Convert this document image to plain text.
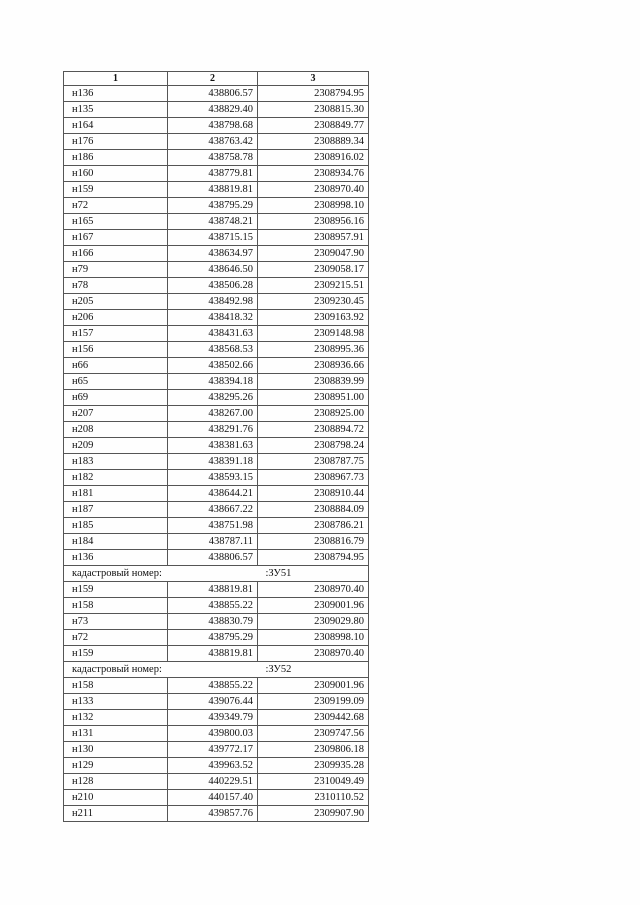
1	2	3
н136	438806.57	2308794.95
н135	438829.40	2308815.30
н164	438798.68	2308849.77
н176	438763.42	2308889.34
н186	438758.78	2308916.02
н160	438779.81	2308934.76
н159	438819.81	2308970.40
н72	438795.29	2308998.10
н165	438748.21	2308956.16
н167	438715.15	2308957.91
н166	438634.97	2309047.90
н79	438646.50	2309058.17
н78	438506.28	2309215.51
н205	438492.98	2309230.45
н206	438418.32	2309163.92
н157	438431.63	2309148.98
н156	438568.53	2308995.36
н66	438502.66	2308936.66
н65	438394.18	2308839.99
н69	438295.26	2308951.00
н207	438267.00	2308925.00
н208	438291.76	2308894.72
н209	438381.63	2308798.24
н183	438391.18	2308787.75
н182	438593.15	2308967.73
н181	438644.21	2308910.44
н187	438667.22	2308884.09
н185	438751.98	2308786.21
н184	438787.11	2308816.79
н136	438806.57	2308794.95
кадастровый номер:		:ЗУ51
н159	438819.81	2308970.40
н158	438855.22	2309001.96
н73	438830.79	2309029.80
н72	438795.29	2308998.10
н159	438819.81	2308970.40
кадастровый номер:		:ЗУ52
н158	438855.22	2309001.96
н133	439076.44	2309199.09
н132	439349.79	2309442.68
н131	439800.03	2309747.56
н130	439772.17	2309806.18
н129	439963.52	2309935.28
н128	440229.51	2310049.49
н210	440157.40	2310110.52
н211	439857.76	2309907.90
